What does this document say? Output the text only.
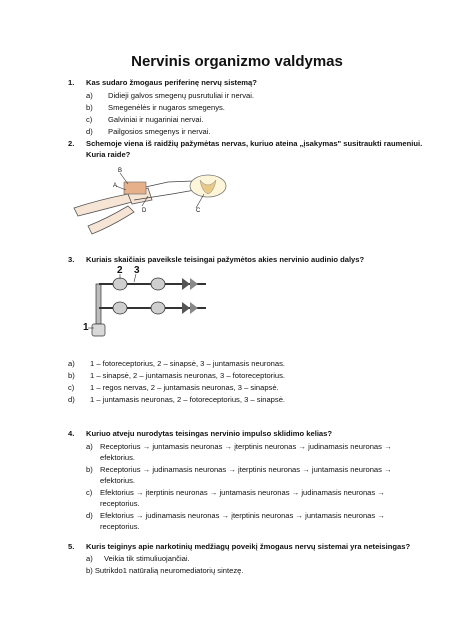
Nervinis organizmo valdymas
1. Kas sudaro žmogaus periferinę nervų sistemą?
a) Didieji galvos smegenų pusrutuliai ir nervai.
b) Smegenėlės ir nugaros smegenys.
c) Galviniai ir nugariniai nervai.
d) Pailgosios smegenys ir nervai.
2. Schemoje viena iš raidžių pažymėtas nervas, kuriuo ateina „įsakymas" susitraukti raumeniui.
Kuria raide?
B
A
D	C
3. Kuriais skaičiais paveiksle teisingai pažymėtos akies nervinio audinio dalys?
2 3
1
a) 1 – fotoreceptorius, 2 – sinapsė, 3 – juntamasis neuronas.
b) 1 – sinapsė, 2 – juntamasis neuronas, 3 – fotoreceptorius.
c) 1 – regos nervas, 2 – juntamasis neuronas, 3 – sinapsė.
d) 1 – juntamasis neuronas, 2 – fotoreceptorius, 3 – sinapsė.
4. Kuriuo atveju nurodytas teisingas nervinio impulso sklidimo kelias?
a) Receptorius → juntamasis neuronas → įterptinis neuronas → judinamasis neuronas →
efektorius.
b) Receptorius → judinamasis neuronas → įterptinis neuronas → juntamasis neuronas →
efektorius.
c) Efektorius → įterptinis neuronas → juntamasis neuronas → judinamasis neuronas →
receptorius.
d) Efektorius → judinamasis neuronas → įterptinis neuronas → juntamasis neuronas →
receptorius.
5. Kuris teiginys apie narkotinių medžiagų poveikį žmogaus nervų sistemai yra neteisingas?
a) Veikia tik stimuliuojančiai.
b) Sutrikdo1 natūralią neuromediatorių sintezę.
